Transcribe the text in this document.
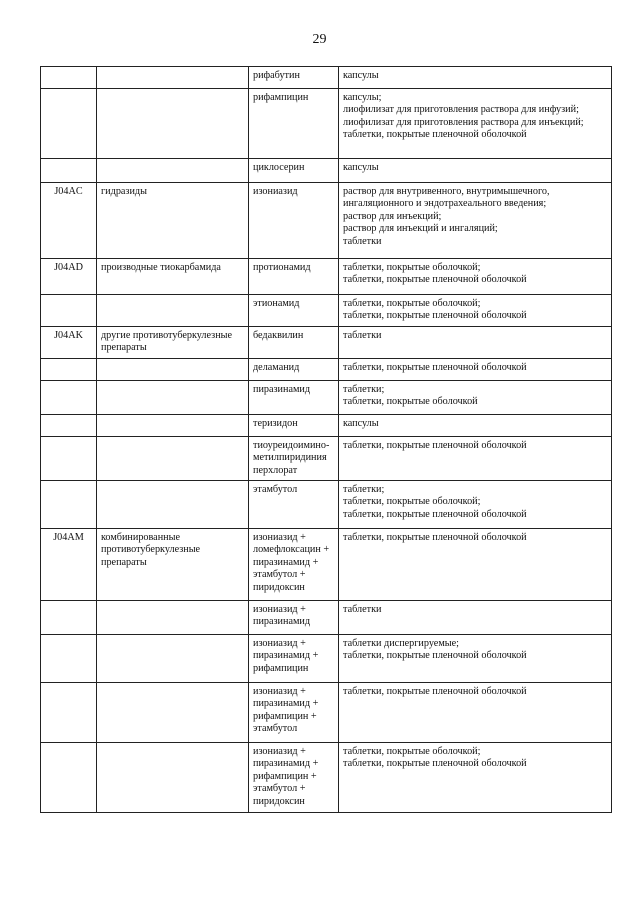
29
		рифабутин	капсулы
		рифампицин	капсулы;
лиофилизат для приготовления раствора для инфузий;
лиофилизат для приготовления раствора для инъекций;
таблетки, покрытые пленочной оболочкой
		циклосерин	капсулы
J04AC	гидразиды	изониазид	раствор для внутривенного, внутримышечного, ингаляционного и эндотрахеального введения;
раствор для инъекций;
раствор для инъекций и ингаляций;
таблетки
J04AD	производные тиокарбамида	протионамид	таблетки, покрытые оболочкой;
таблетки, покрытые пленочной оболочкой
		этионамид	таблетки, покрытые оболочкой;
таблетки, покрытые пленочной оболочкой
J04AK	другие противотуберкулезные препараты	бедаквилин	таблетки
		деламанид	таблетки, покрытые пленочной оболочкой
		пиразинамид	таблетки;
таблетки, покрытые оболочкой
		теризидон	капсулы
		тиоуреидоимино-метилпиридиния перхлорат	таблетки, покрытые пленочной оболочкой
		этамбутол	таблетки;
таблетки, покрытые оболочкой;
таблетки, покрытые пленочной оболочкой
J04AM	комбинированные противотуберкулезные препараты	изониазид + ломефлоксацин + пиразинамид + этамбутол + пиридоксин	таблетки, покрытые пленочной оболочкой
		изониазид + пиразинамид	таблетки
		изониазид + пиразинамид + рифампицин	таблетки диспергируемые;
таблетки, покрытые пленочной оболочкой
		изониазид + пиразинамид + рифампицин + этамбутол	таблетки, покрытые пленочной оболочкой
		изониазид + пиразинамид + рифампицин + этамбутол + пиридоксин	таблетки, покрытые оболочкой;
таблетки, покрытые пленочной оболочкой
